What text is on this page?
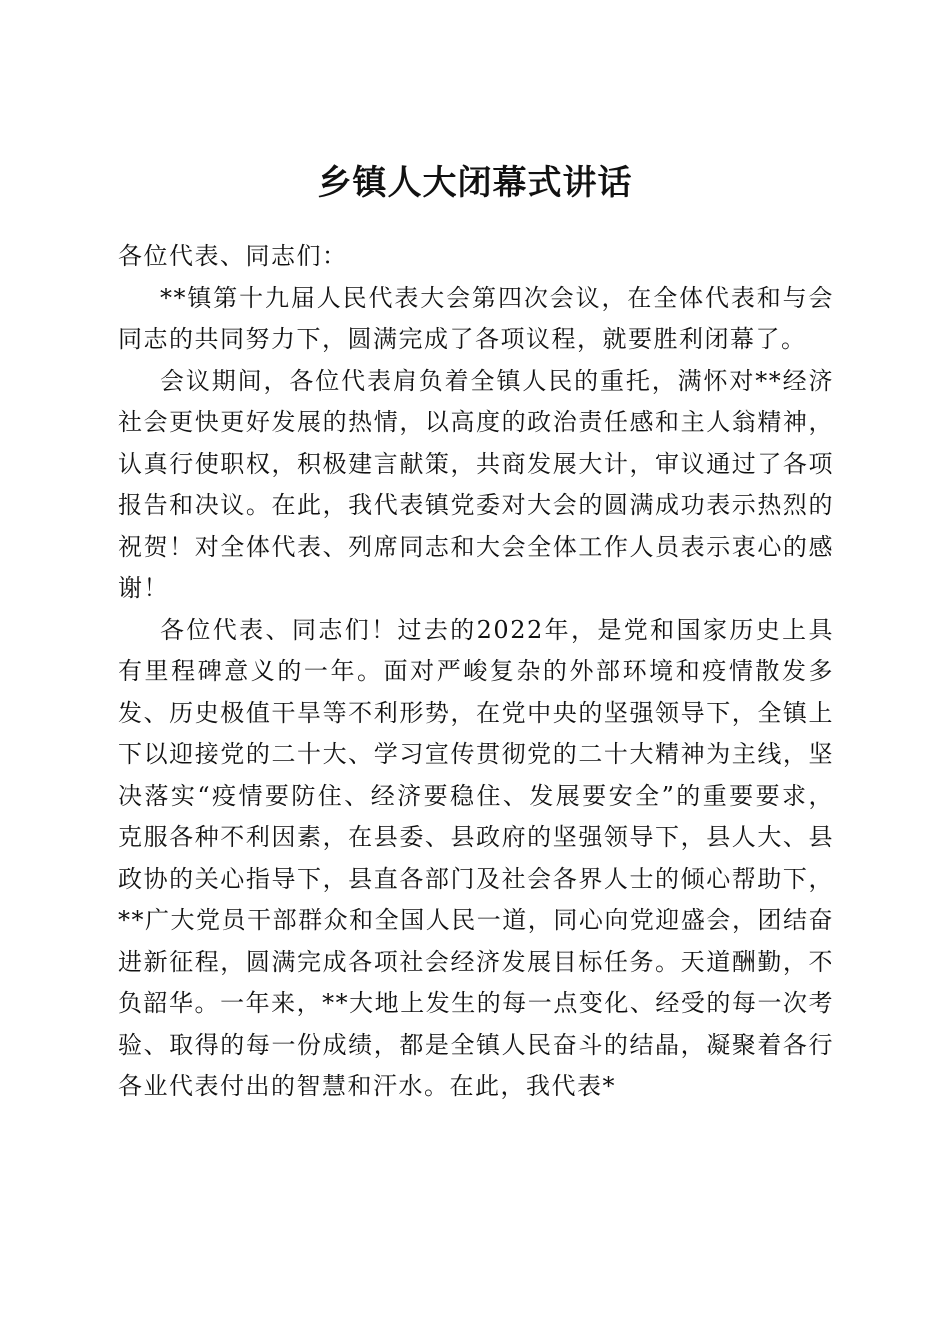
乡镇人大闭幕式讲话

各位代表、同志们：

**镇第十九届人民代表大会第四次会议，在全体代表和与会同志的共同努力下，圆满完成了各项议程，就要胜利闭幕了。

会议期间，各位代表肩负着全镇人民的重托，满怀对**经济社会更快更好发展的热情，以高度的政治责任感和主人翁精神，认真行使职权，积极建言献策，共商发展大计，审议通过了各项报告和决议。在此，我代表镇党委对大会的圆满成功表示热烈的祝贺！对全体代表、列席同志和大会全体工作人员表示衷心的感谢！

各位代表、同志们！过去的2022年，是党和国家历史上具有里程碑意义的一年。面对严峻复杂的外部环境和疫情散发多发、历史极值干旱等不利形势，在党中央的坚强领导下，全镇上下以迎接党的二十大、学习宣传贯彻党的二十大精神为主线，坚决落实“疫情要防住、经济要稳住、发展要安全”的重要要求，克服各种不利因素，在县委、县政府的坚强领导下，县人大、县政协的关心指导下，县直各部门及社会各界人士的倾心帮助下，**广大党员干部群众和全国人民一道，同心向党迎盛会，团结奋进新征程，圆满完成各项社会经济发展目标任务。天道酬勤，不负韶华。一年来，**大地上发生的每一点变化、经受的每一次考验、取得的每一份成绩，都是全镇人民奋斗的结晶，凝聚着各行各业代表付出的智慧和汗水。在此，我代表*
